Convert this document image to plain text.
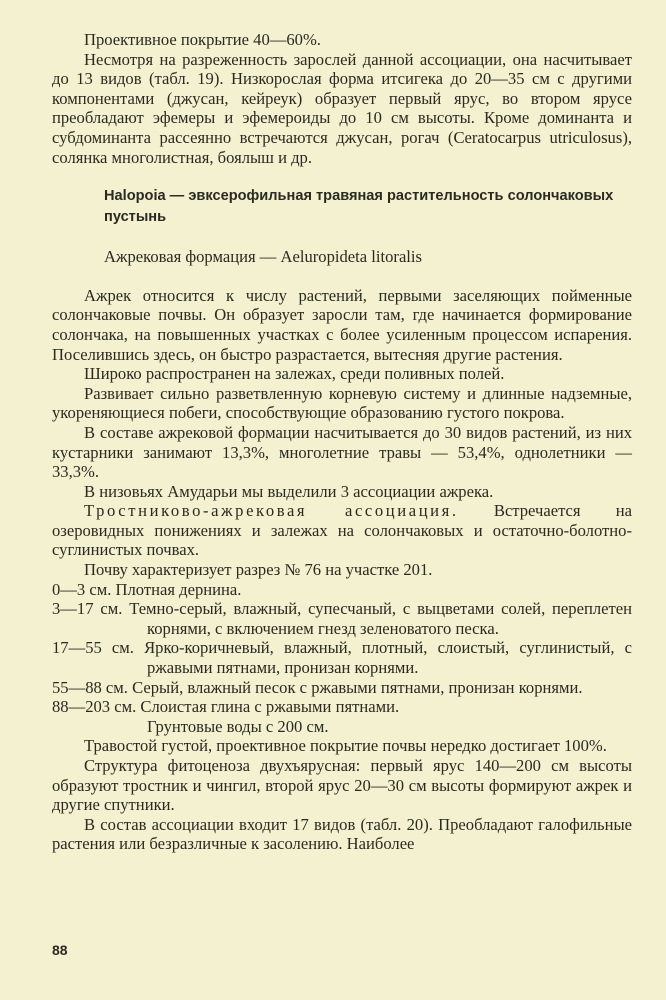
Проективное покрытие 40—60%.

Несмотря на разреженность зарослей данной ассоциации, она насчитывает до 13 видов (табл. 19). Низкорослая форма итсигека до 20—35 см с другими компонентами (джусан, кейреук) образует первый ярус, во втором ярусе преобладают эфемеры и эфемероиды до 10 см высоты. Кроме доминанта и субдоминанта рассеянно встречаются джусан, рогач (Ceratocarpus utriculosus), солянка многолистная, боялыш и др.

Halopoia — эвксерофильная травяная растительность солончаковых пустынь

Ажрековая формация — Aeluropideta litoralis

Ажрек относится к числу растений, первыми заселяющих пойменные солончаковые почвы. Он образует заросли там, где начинается формирование солончака, на повышенных участках с более усиленным процессом испарения. Поселившись здесь, он быстро разрастается, вытесняя другие растения.

Широко распространен на залежах, среди поливных полей.

Развивает сильно разветвленную корневую систему и длинные надземные, укореняющиеся побеги, способствующие образованию густого покрова.

В составе ажрековой формации насчитывается до 30 видов растений, из них кустарники занимают 13,3%, многолетние травы — 53,4%, однолетники — 33,3%.

В низовьях Амударьи мы выделили 3 ассоциации ажрека.

Тростниково-ажрековая ассоциация. Встречается на озеровидных понижениях и залежах на солончаковых и остаточно-болотно-суглинистых почвах.

Почву характеризует разрез № 76 на участке 201.

0—3 см. Плотная дернина.

3—17 см. Темно-серый, влажный, супесчаный, с выцветами солей, переплетен корнями, с включением гнезд зеленоватого песка.

17—55 см. Ярко-коричневый, влажный, плотный, слоистый, суглинистый, с ржавыми пятнами, пронизан корнями.

55—88 см. Серый, влажный песок с ржавыми пятнами, пронизан корнями.

88—203 см. Слоистая глина с ржавыми пятнами.

Грунтовые воды с 200 см.

Травостой густой, проективное покрытие почвы нередко достигает 100%.

Структура фитоценоза двухъярусная: первый ярус 140—200 см высоты образуют тростник и чингил, второй ярус 20—30 см высоты формируют ажрек и другие спутники.

В состав ассоциации входит 17 видов (табл. 20). Преобладают галофильные растения или безразличные к засолению. Наиболее

88
